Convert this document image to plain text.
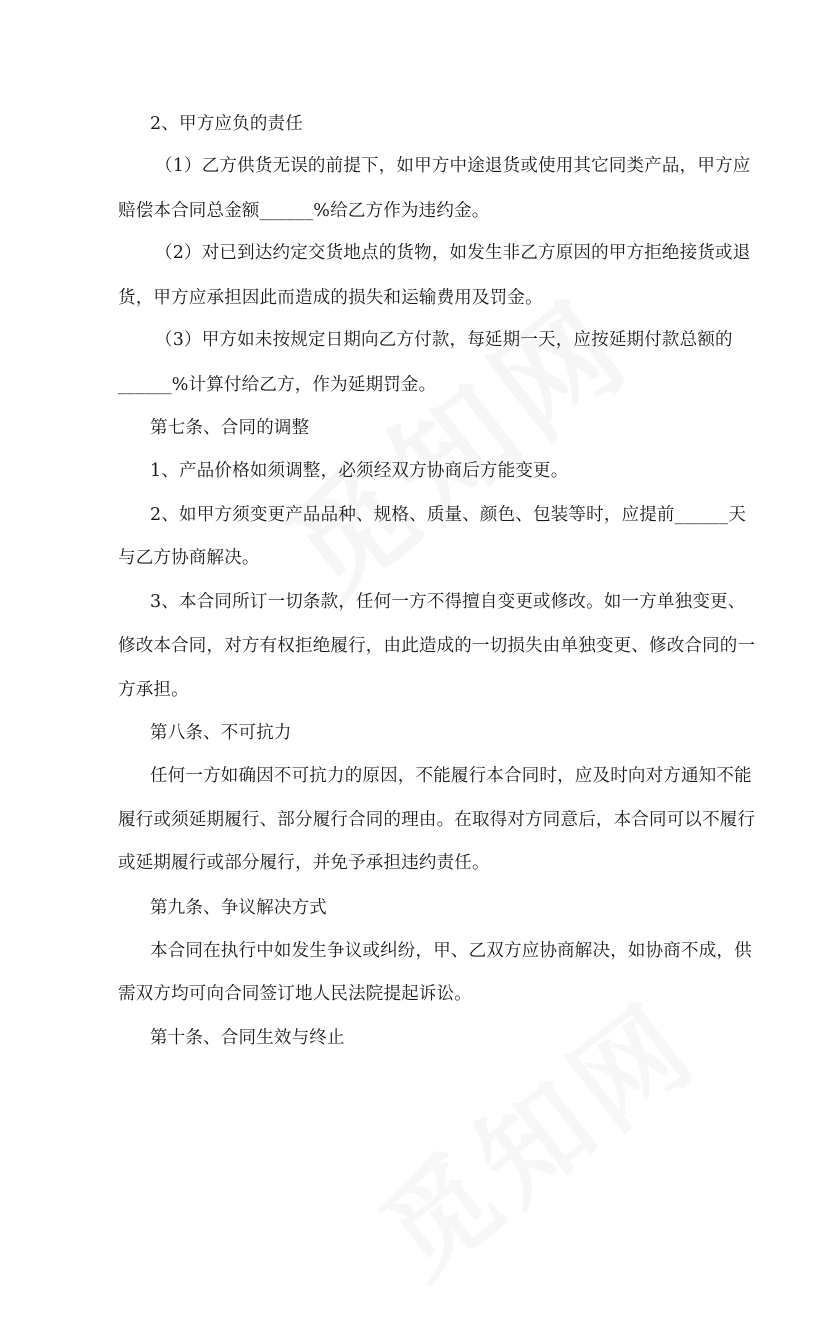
2、甲方应负的责任
（1）乙方供货无误的前提下，如甲方中途退货或使用其它同类产品，甲方应
赔偿本合同总金额______%给乙方作为违约金。
（2）对已到达约定交货地点的货物，如发生非乙方原因的甲方拒绝接货或退
货，甲方应承担因此而造成的损失和运输费用及罚金。
（3）甲方如未按规定日期向乙方付款，每延期一天，应按延期付款总额的
______%计算付给乙方，作为延期罚金。
第七条、合同的调整
1、产品价格如须调整，必须经双方协商后方能变更。
2、如甲方须变更产品品种、规格、质量、颜色、包装等时，应提前______天
与乙方协商解决。
3、本合同所订一切条款，任何一方不得擅自变更或修改。如一方单独变更、
修改本合同，对方有权拒绝履行，由此造成的一切损失由单独变更、修改合同的一
方承担。
第八条、不可抗力
任何一方如确因不可抗力的原因，不能履行本合同时，应及时向对方通知不能
履行或须延期履行、部分履行合同的理由。在取得对方同意后，本合同可以不履行
或延期履行或部分履行，并免予承担违约责任。
第九条、争议解决方式
本合同在执行中如发生争议或纠纷，甲、乙双方应协商解决，如协商不成，供
需双方均可向合同签订地人民法院提起诉讼。
第十条、合同生效与终止
